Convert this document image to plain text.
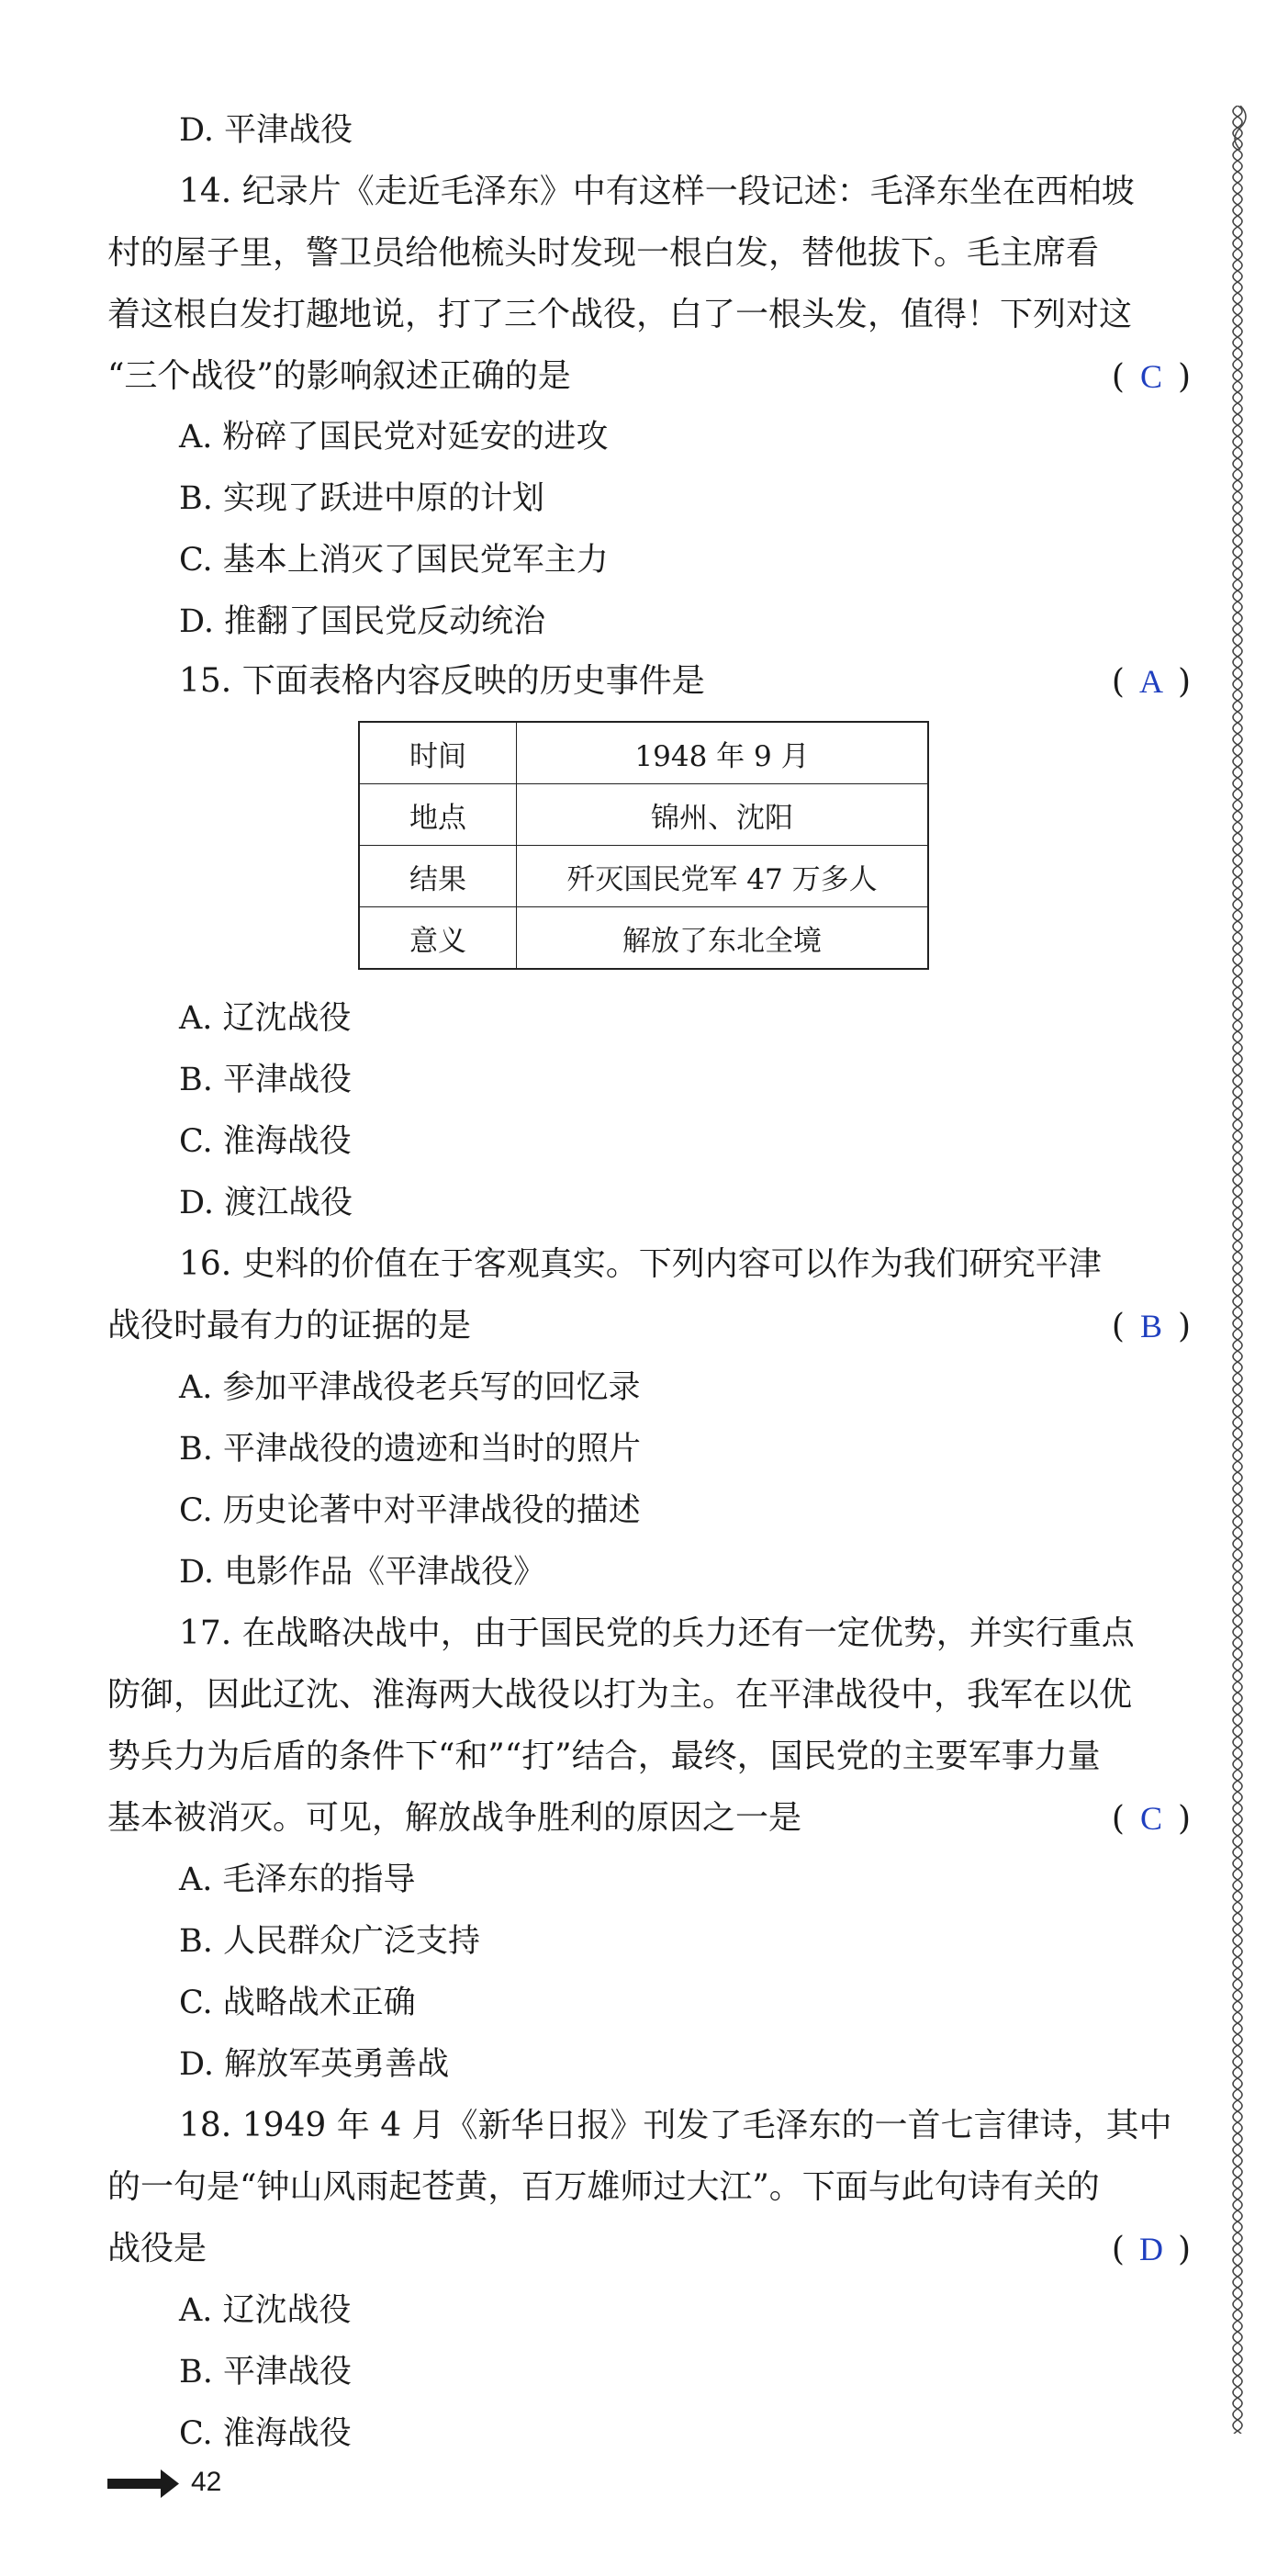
D. 平津战役
14. 纪录片《走近毛泽东》中有这样一段记述：毛泽东坐在西柏坡
村的屋子里，警卫员给他梳头时发现一根白发，替他拔下。毛主席看
着这根白发打趣地说，打了三个战役，白了一根头发，值得！下列对这
“三个战役”的影响叙述正确的是	( C )
A. 粉碎了国民党对延安的进攻
B. 实现了跃进中原的计划
C. 基本上消灭了国民党军主力
D. 推翻了国民党反动统治
15. 下面表格内容反映的历史事件是	( A )
时间	1948 年 9 月
地点	锦州、沈阳
结果	歼灭国民党军 47 万多人
意义	解放了东北全境
A. 辽沈战役
B. 平津战役
C. 淮海战役
D. 渡江战役
16. 史料的价值在于客观真实。下列内容可以作为我们研究平津
战役时最有力的证据的是	( B )
A. 参加平津战役老兵写的回忆录
B. 平津战役的遗迹和当时的照片
C. 历史论著中对平津战役的描述
D. 电影作品《平津战役》
17. 在战略决战中，由于国民党的兵力还有一定优势，并实行重点
防御，因此辽沈、淮海两大战役以打为主。在平津战役中，我军在以优
势兵力为后盾的条件下“和”“打”结合，最终，国民党的主要军事力量
基本被消灭。可见，解放战争胜利的原因之一是	( C )
A. 毛泽东的指导
B. 人民群众广泛支持
C. 战略战术正确
D. 解放军英勇善战
18. 1949 年 4 月《新华日报》刊发了毛泽东的一首七言律诗，其中
的一句是“钟山风雨起苍黄，百万雄师过大江”。下面与此句诗有关的
战役是	( D )
A. 辽沈战役
B. 平津战役
C. 淮海战役
42
